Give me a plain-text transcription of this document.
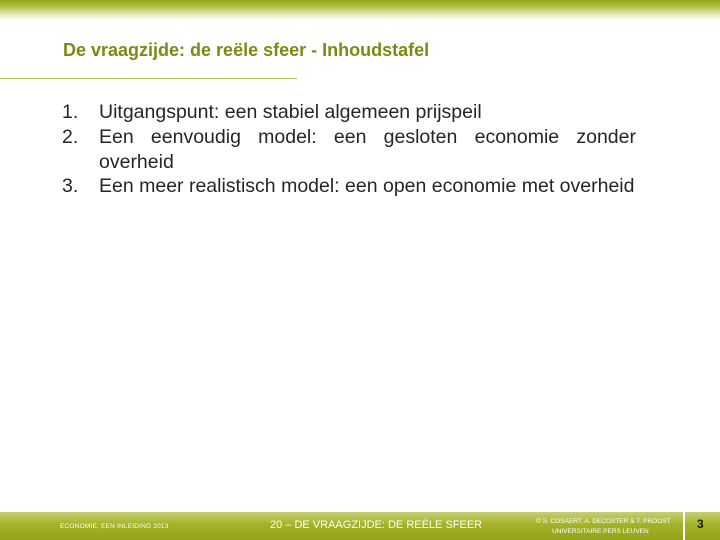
De vraagzijde: de reële sfeer - Inhoudstafel
1. Uitgangspunt: een stabiel algemeen prijspeil
2. Een eenvoudig model: een gesloten economie zonder overheid
3. Een meer realistisch model: een open economie met overheid
ECONOMIE, EEN INLEIDING 2013	20 – DE VRAAGZIJDE: DE REËLE SFEER	© S. COSAERT, A. DECOSTER & T. PROOST
UNIVERSITAIRE PERS LEUVEN
3
